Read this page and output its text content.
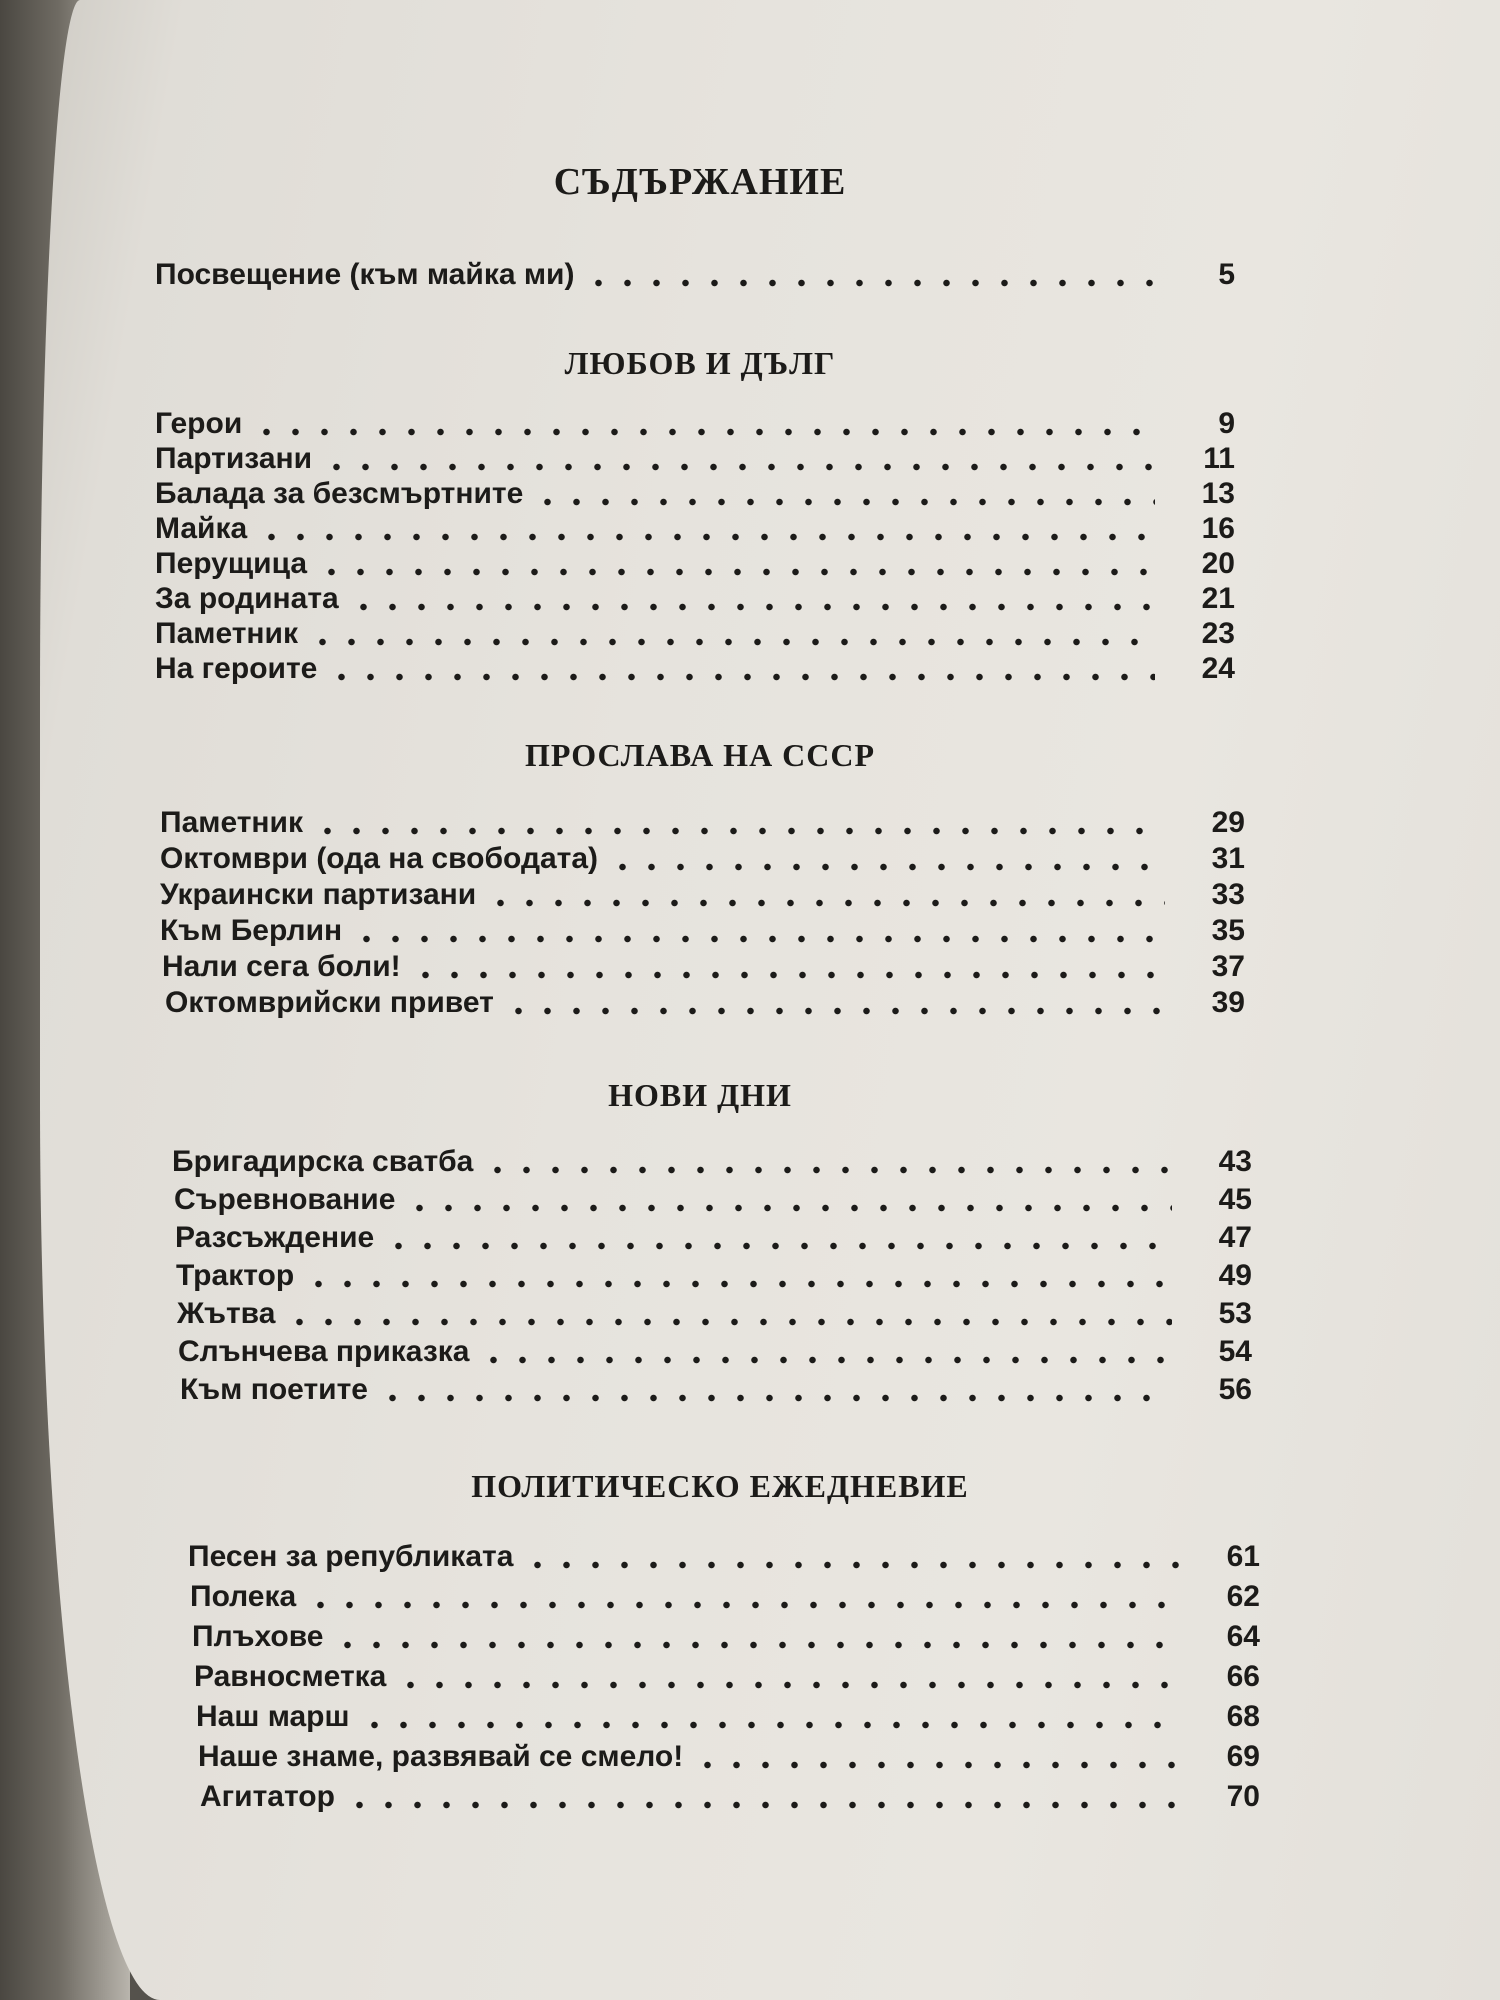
СЪДЪРЖАНИЕ
Посвещение (към майка ми)	5
ЛЮБОВ И ДЪЛГ
Герои	9
Партизани	11
Балада за безсмъртните	13
Майка	16
Перущица	20
За родината	21
Паметник	23
На героите	24
ПРОСЛАВА НА СССР
Паметник	29
Октомври (ода на свободата)	31
Украински партизани	33
Към Берлин	35
Нали сега боли!	37
Октомврийски привет	39
НОВИ ДНИ
Бригадирска сватба	43
Съревнование	45
Разсъждение	47
Трактор	49
Жътва	53
Слънчева приказка	54
Към поетите	56
ПОЛИТИЧЕСКО ЕЖЕДНЕВИЕ
Песен за републиката	61
Полека	62
Плъхове	64
Равносметка	66
Наш марш	68
Наше знаме, развявай се смело!	69
Агитатор	70
